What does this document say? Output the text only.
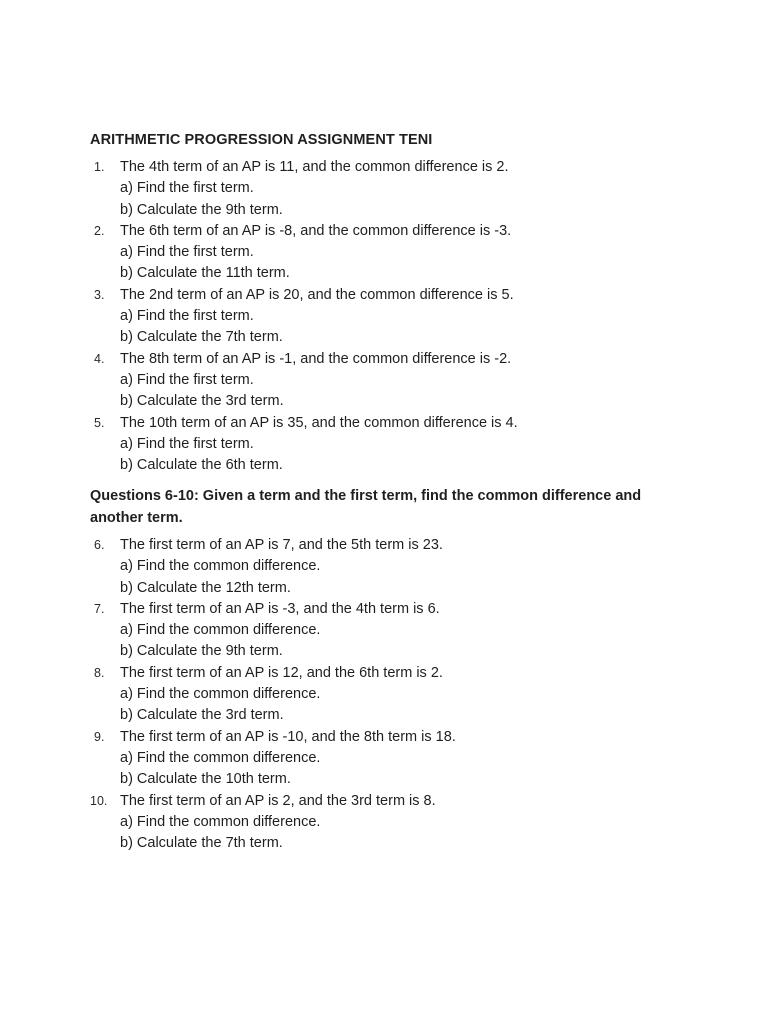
ARITHMETIC PROGRESSION ASSIGNMENT TENI
1.	The 4th term of an AP is 11, and the common difference is 2.
a) Find the first term.
b) Calculate the 9th term.
2.	The 6th term of an AP is -8, and the common difference is -3.
a) Find the first term.
b) Calculate the 11th term.
3.	The 2nd term of an AP is 20, and the common difference is 5.
a) Find the first term.
b) Calculate the 7th term.
4.	The 8th term of an AP is -1, and the common difference is -2.
a) Find the first term.
b) Calculate the 3rd term.
5.	The 10th term of an AP is 35, and the common difference is 4.
a) Find the first term.
b) Calculate the 6th term.
Questions 6-10: Given a term and the first term, find the common difference and another term.
6.	The first term of an AP is 7, and the 5th term is 23.
a) Find the common difference.
b) Calculate the 12th term.
7.	The first term of an AP is -3, and the 4th term is 6.
a) Find the common difference.
b) Calculate the 9th term.
8.	The first term of an AP is 12, and the 6th term is 2.
a) Find the common difference.
b) Calculate the 3rd term.
9.	The first term of an AP is -10, and the 8th term is 18.
a) Find the common difference.
b) Calculate the 10th term.
10. The first term of an AP is 2, and the 3rd term is 8.
a) Find the common difference.
b) Calculate the 7th term.
